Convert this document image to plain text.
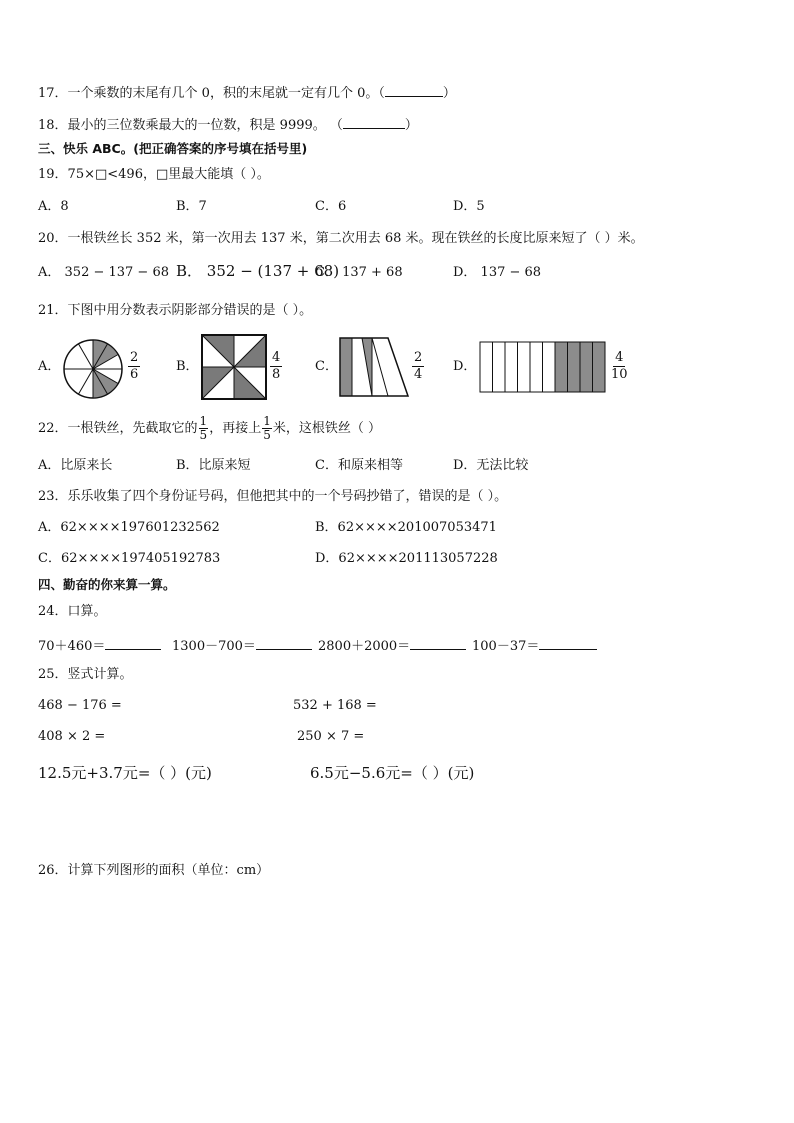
17．一个乘数的末尾有几个 0，积的末尾就一定有几个 0。（	）
18．最小的三位数乘最大的一位数，积是 9999。 （	）
三、快乐 ABC。(把正确答案的序号填在括号里)
19．75×□<496，□里最大能填（ ）。
A．8	B．7	C．6	D．5
20．一根铁丝长 352 米，第一次用去 137 米，第二次用去 68 米。现在铁丝的长度比原来短了（ ）米。
A． 352 − 137 − 68 B． 352 − (137 + 68)
C． 137 + 68	D． 137 − 68
21．下图中用分数表示阴影部分错误的是（ ）。
A．	$\frac{2}{6}$	B．	$\frac{4}{8}$	C．	$\frac{2}{4}$ D．	$\frac{4}{10}$
22．一根铁丝，先截取它的 $\frac{1}{5}$ ，再接上 $\frac{1}{5}$ 米，这根铁丝（ ）
A．比原来长	B．比原来短	C．和原来相等	D．无法比较
23．乐乐收集了四个身份证号码，但他把其中的一个号码抄错了，错误的是（ ）。
A．62××××197601232562	B．62××××201007053471
C．62××××197405192783	D．62××××201113057228
四、勤奋的你来算一算。
24．口算。
70＋460＝	1300－700＝	2800＋2000＝	100－37＝
25．竖式计算。
468 − 176 =	532 + 168 =
408 × 2 =	250 × 7 =
12.5元+3.7元=（ ）(元)	6.5元−5.6元=（ ）(元)
26．计算下列图形的面积（单位：cm）
